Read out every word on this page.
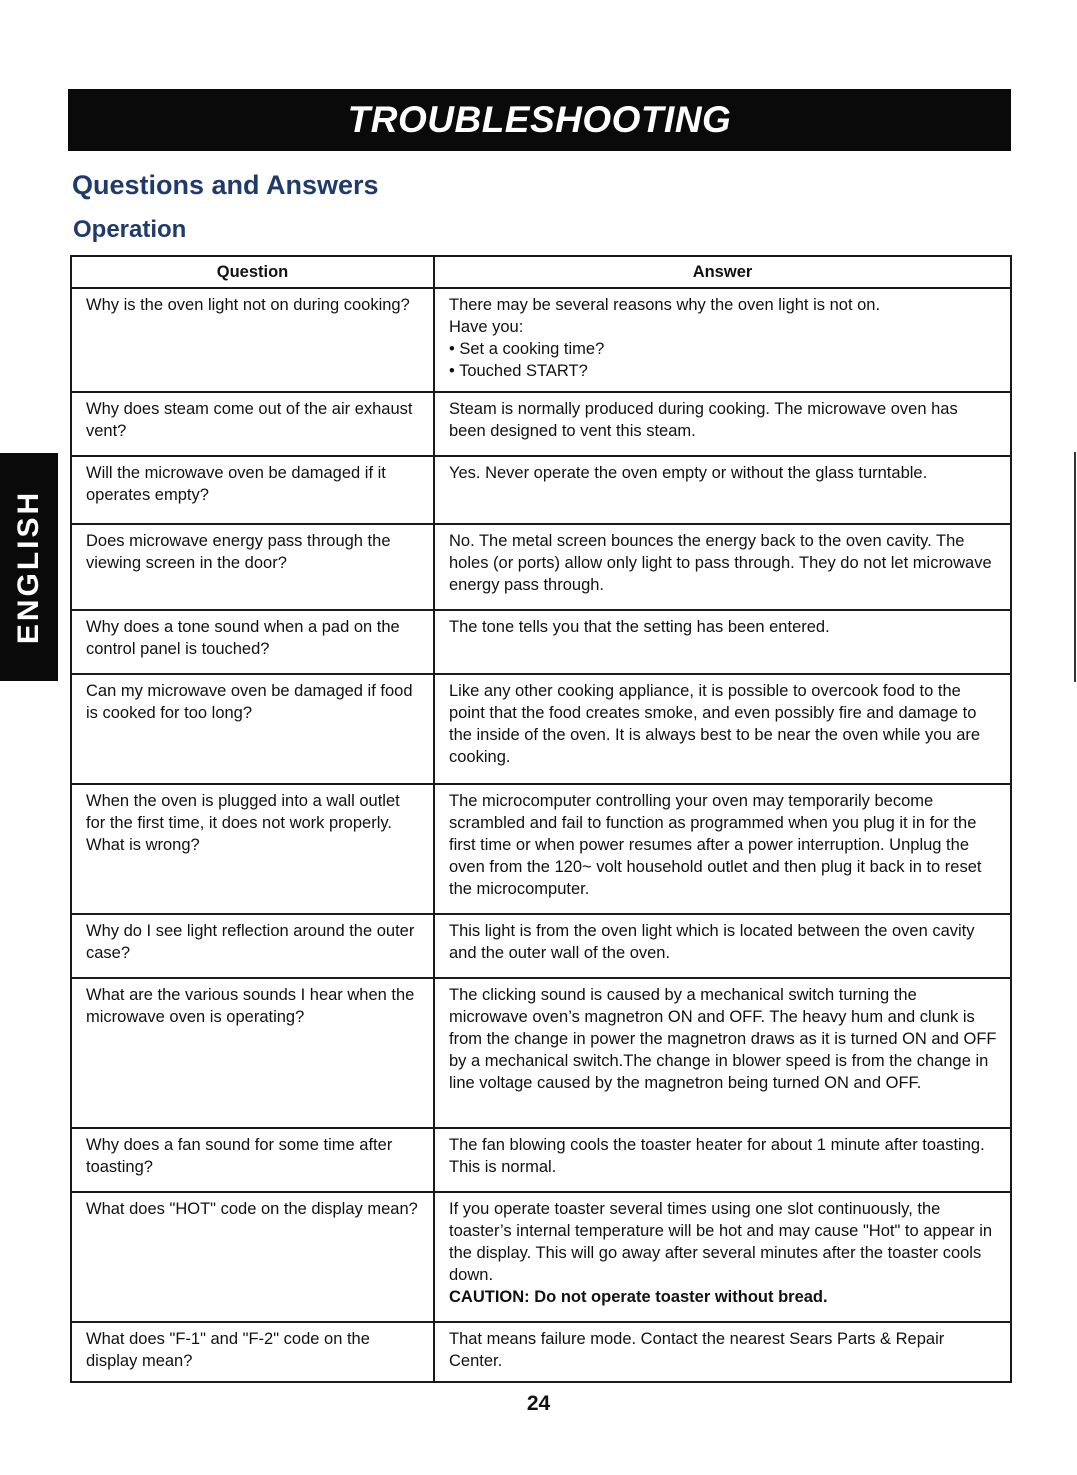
TROUBLESHOOTING
Questions and Answers
Operation
ENGLISH
Question	Answer
Why is the oven light not on during cooking?	There may be several reasons why the oven light is not on.
Have you:
• Set a cooking time?
• Touched START?

Why does steam come out of the air exhaust vent?	Steam is normally produced during cooking. The microwave oven has been designed to vent this steam.

Will the microwave oven be damaged if it operates empty?	Yes. Never operate the oven empty or without the glass turntable.

Does microwave energy pass through the viewing screen in the door?	No. The metal screen bounces the energy back to the oven cavity. The holes (or ports) allow only light to pass through. They do not let microwave energy pass through.

Why does a tone sound when a pad on the control panel is touched?	The tone tells you that the setting has been entered.

Can my microwave oven be damaged if food is cooked for too long?	Like any other cooking appliance, it is possible to overcook food to the point that the food creates smoke, and even possibly fire and damage to the inside of the oven. It is always best to be near the oven while you are cooking.

When the oven is plugged into a wall outlet for the first time, it does not work properly. What is wrong?	The microcomputer controlling your oven may temporarily become scrambled and fail to function as programmed when you plug it in for the first time or when power resumes after a power interruption. Unplug the oven from the 120~ volt household outlet and then plug it back in to reset the microcomputer.

Why do I see light reflection around the outer case?	This light is from the oven light which is located between the oven cavity and the outer wall of the oven.

What are the various sounds I hear when the microwave oven is operating?	The clicking sound is caused by a mechanical switch turning the microwave oven’s magnetron ON and OFF. The heavy hum and clunk is from the change in power the magnetron draws as it is turned ON and OFF by a mechanical switch.The change in blower speed is from the change in line voltage caused by the magnetron being turned ON and OFF.

Why does a fan sound for some time after toasting?	The fan blowing cools the toaster heater for about 1 minute after toasting. This is normal.

What does "HOT" code on the display mean?	If you operate toaster several times using one slot continuously, the toaster’s internal temperature will be hot and may cause "Hot" to appear in the display. This will go away after several minutes after the toaster cools down.
CAUTION: Do not operate toaster without bread.

What does "F-1" and "F-2" code on the display mean?	That means failure mode. Contact the nearest Sears Parts & Repair Center.
24
